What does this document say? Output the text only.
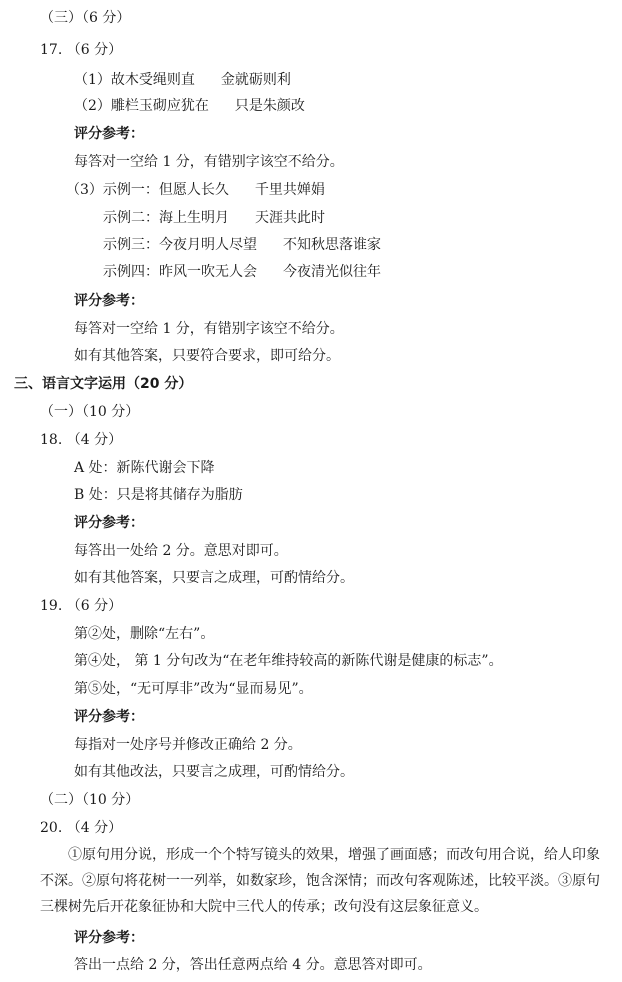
（三）（6 分）
17. （6 分）
（1）故木受绳则直 金就砺则利
（2）雕栏玉砌应犹在 只是朱颜改
评分参考：
每答对一空给 1 分，有错别字该空不给分。
（3）示例一：但愿人长久 千里共婵娟
示例二：海上生明月 天涯共此时
示例三：今夜月明人尽望 不知秋思落谁家
示例四：昨风一吹无人会 今夜清光似往年
评分参考：
每答对一空给 1 分，有错别字该空不给分。
如有其他答案，只要符合要求，即可给分。
三、语言文字运用（20 分）
（一）（10 分）
18. （4 分）
A 处：新陈代谢会下降
B 处：只是将其储存为脂肪
评分参考：
每答出一处给 2 分。意思对即可。
如有其他答案，只要言之成理，可酌情给分。
19. （6 分）
第②处，删除“左右”。
第④处， 第 1 分句改为“在老年维持较高的新陈代谢是健康的标志”。
第⑤处，“无可厚非”改为“显而易见”。
评分参考：
每指对一处序号并修改正确给 2 分。
如有其他改法，只要言之成理，可酌情给分。
（二）（10 分）
20. （4 分）
①原句用分说，形成一个个特写镜头的效果，增强了画面感；而改句用合说，给人印象不深。②原句将花树一一列举，如数家珍，饱含深情；而改句客观陈述，比较平淡。③原句三棵树先后开花象征协和大院中三代人的传承；改句没有这层象征意义。
评分参考：
答出一点给 2 分，答出任意两点给 4 分。意思答对即可。
